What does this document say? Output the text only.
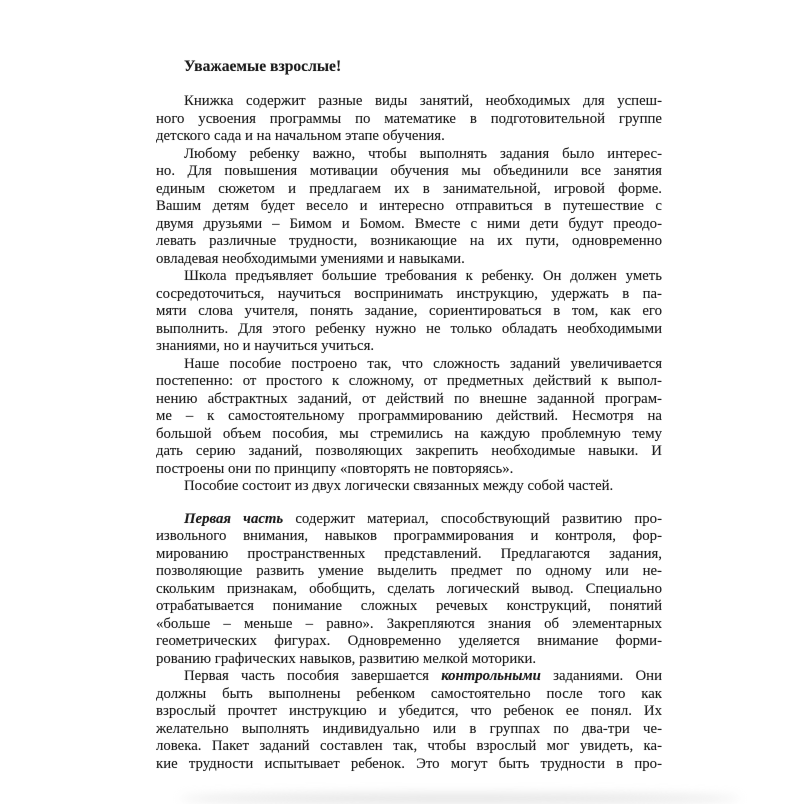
Уважаемые взрослые!
Книжка содержит разные виды занятий, необходимых для успеш-
ного усвоения программы по математике в подготовительной группе
детского сада и на начальном этапе обучения.
Любому ребенку важно, чтобы выполнять задания было интерес-
но. Для повышения мотивации обучения мы объединили все занятия
единым сюжетом и предлагаем их в занимательной, игровой форме.
Вашим детям будет весело и интересно отправиться в путешествие с
двумя друзьями – Бимом и Бомом. Вместе с ними дети будут преодо-
левать различные трудности, возникающие на их пути, одновременно
овладевая необходимыми умениями и навыками.
Школа предъявляет большие требования к ребенку. Он должен уметь
сосредоточиться, научиться воспринимать инструкцию, удержать в па-
мяти слова учителя, понять задание, сориентироваться в том, как его
выполнить. Для этого ребенку нужно не только обладать необходимыми
знаниями, но и научиться учиться.
Наше пособие построено так, что сложность заданий увеличивается
постепенно: от простого к сложному, от предметных действий к выпол-
нению абстрактных заданий, от действий по внешне заданной програм-
ме – к самостоятельному программированию действий. Несмотря на
большой объем пособия, мы стремились на каждую проблемную тему
дать серию заданий, позволяющих закрепить необходимые навыки. И
построены они по принципу «повторять не повторяясь».
Пособие состоит из двух логически связанных между собой частей.
Первая часть содержит материал, способствующий развитию про-
извольного внимания, навыков программирования и контроля, фор-
мированию пространственных представлений. Предлагаются задания,
позволяющие развить умение выделить предмет по одному или не-
скольким признакам, обобщить, сделать логический вывод. Специально
отрабатывается понимание сложных речевых конструкций, понятий
«больше – меньше – равно». Закрепляются знания об элементарных
геометрических фигурах. Одновременно уделяется внимание форми-
рованию графических навыков, развитию мелкой моторики.
Первая часть пособия завершается контрольными заданиями. Они
должны быть выполнены ребенком самостоятельно после того как
взрослый прочтет инструкцию и убедится, что ребенок ее понял. Их
желательно выполнять индивидуально или в группах по два-три че-
ловека. Пакет заданий составлен так, чтобы взрослый мог увидеть, ка-
кие трудности испытывает ребенок. Это могут быть трудности в про-
